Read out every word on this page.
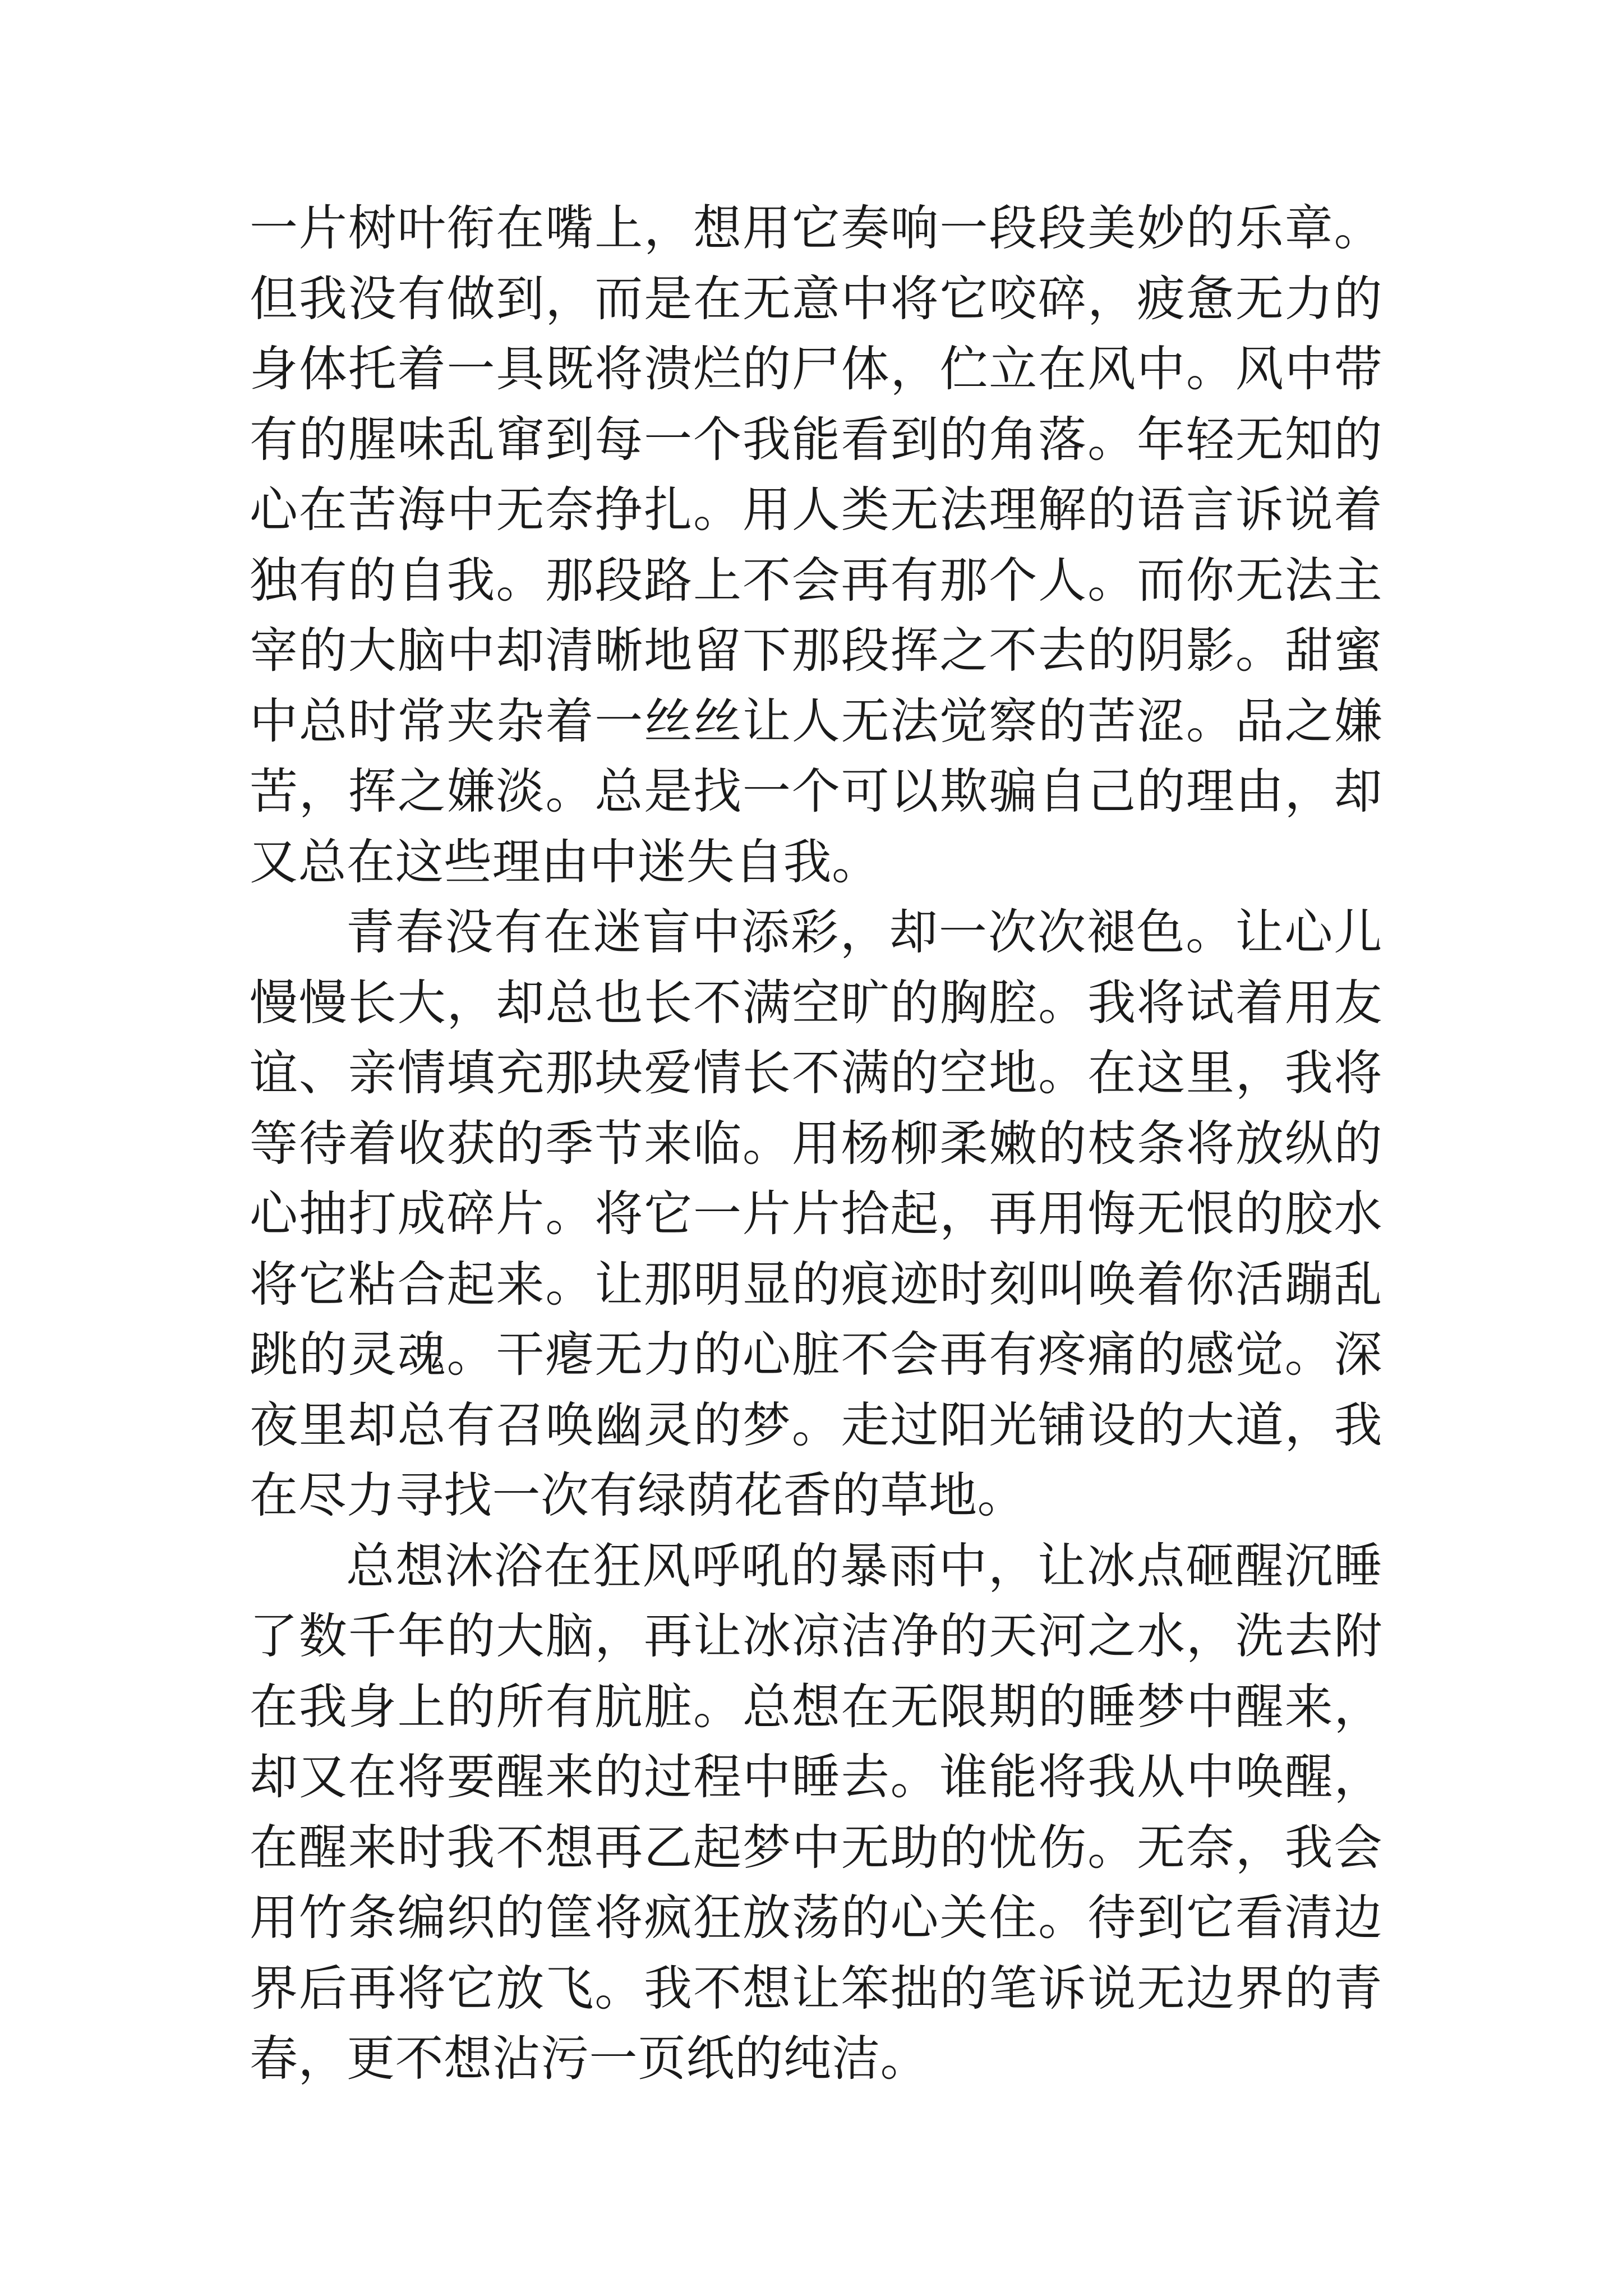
一片树叶衔在嘴上，想用它奏响一段段美妙的乐章。但我没有做到，而是在无意中将它咬碎，疲惫无力的身体托着一具既将溃烂的尸体，伫立在风中。风中带有的腥味乱窜到每一个我能看到的角落。年轻无知的心在苦海中无奈挣扎。用人类无法理解的语言诉说着独有的自我。那段路上不会再有那个人。而你无法主宰的大脑中却清晰地留下那段挥之不去的阴影。甜蜜中总时常夹杂着一丝丝让人无法觉察的苦涩。品之嫌苦，挥之嫌淡。总是找一个可以欺骗自己的理由，却又总在这些理由中迷失自我。

青春没有在迷盲中添彩，却一次次褪色。让心儿慢慢长大，却总也长不满空旷的胸腔。我将试着用友谊、亲情填充那块爱情长不满的空地。在这里，我将等待着收获的季节来临。用杨柳柔嫩的枝条将放纵的心抽打成碎片。将它一片片拾起，再用悔无恨的胶水将它粘合起来。让那明显的痕迹时刻叫唤着你活蹦乱跳的灵魂。干瘪无力的心脏不会再有疼痛的感觉。深夜里却总有召唤幽灵的梦。走过阳光铺设的大道，我在尽力寻找一次有绿荫花香的草地。

总想沐浴在狂风呼吼的暴雨中，让冰点砸醒沉睡了数千年的大脑，再让冰凉洁净的天河之水，洗去附在我身上的所有肮脏。总想在无限期的睡梦中醒来，却又在将要醒来的过程中睡去。谁能将我从中唤醒，在醒来时我不想再乙起梦中无助的忧伤。无奈，我会用竹条编织的筐将疯狂放荡的心关住。待到它看清边界后再将它放飞。我不想让笨拙的笔诉说无边界的青春，更不想沾污一页纸的纯洁。
